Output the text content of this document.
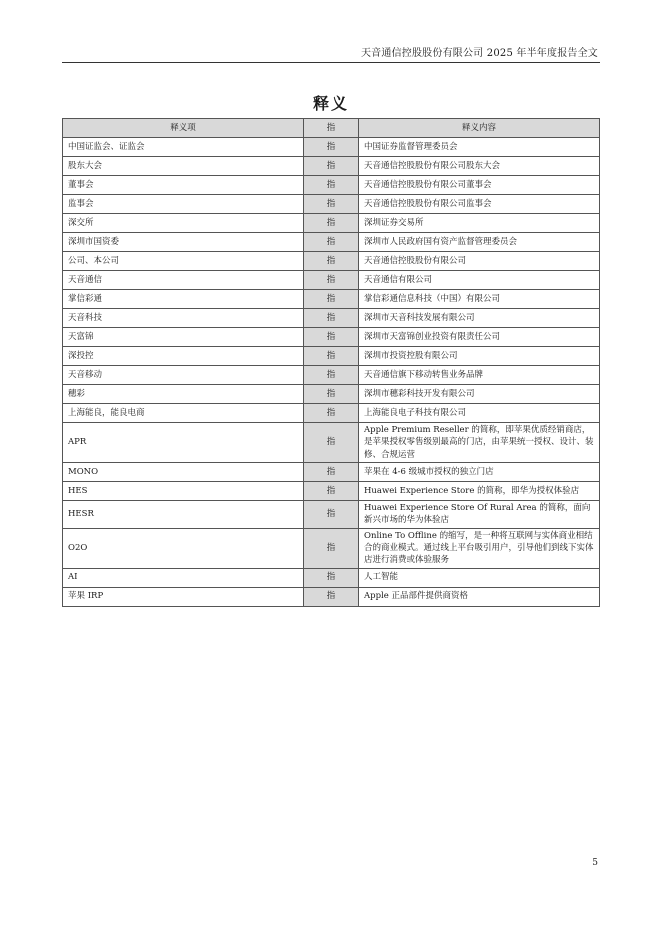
天音通信控股股份有限公司 2025 年半年度报告全文
释义
释义项	指	释义内容
中国证监会、证监会	指	中国证券监督管理委员会
股东大会	指	天音通信控股股份有限公司股东大会
董事会	指	天音通信控股股份有限公司董事会
监事会	指	天音通信控股股份有限公司监事会
深交所	指	深圳证券交易所
深圳市国资委	指	深圳市人民政府国有资产监督管理委员会
公司、本公司	指	天音通信控股股份有限公司
天音通信	指	天音通信有限公司
掌信彩通	指	掌信彩通信息科技（中国）有限公司
天音科技	指	深圳市天音科技发展有限公司
天富锦	指	深圳市天富锦创业投资有限责任公司
深投控	指	深圳市投资控股有限公司
天音移动	指	天音通信旗下移动转售业务品牌
穗彩	指	深圳市穗彩科技开发有限公司
上海能良，能良电商	指	上海能良电子科技有限公司
APR	指	Apple Premium Reseller 的简称，即苹果优质经销商店，是苹果授权零售级别最高的门店，由苹果统一授权、设计、装修、合规运营
MONO	指	苹果在 4-6 级城市授权的独立门店
HES	指	Huawei Experience Store 的简称，即华为授权体验店
HESR	指	Huawei Experience Store Of Rural Area 的简称，面向新兴市场的华为体验店
O2O	指	Online To Offline 的缩写，是一种将互联网与实体商业相结合的商业模式。通过线上平台吸引用户，引导他们到线下实体店进行消费或体验服务
AI	指	人工智能
苹果 IRP	指	Apple 正品部件提供商资格
5
